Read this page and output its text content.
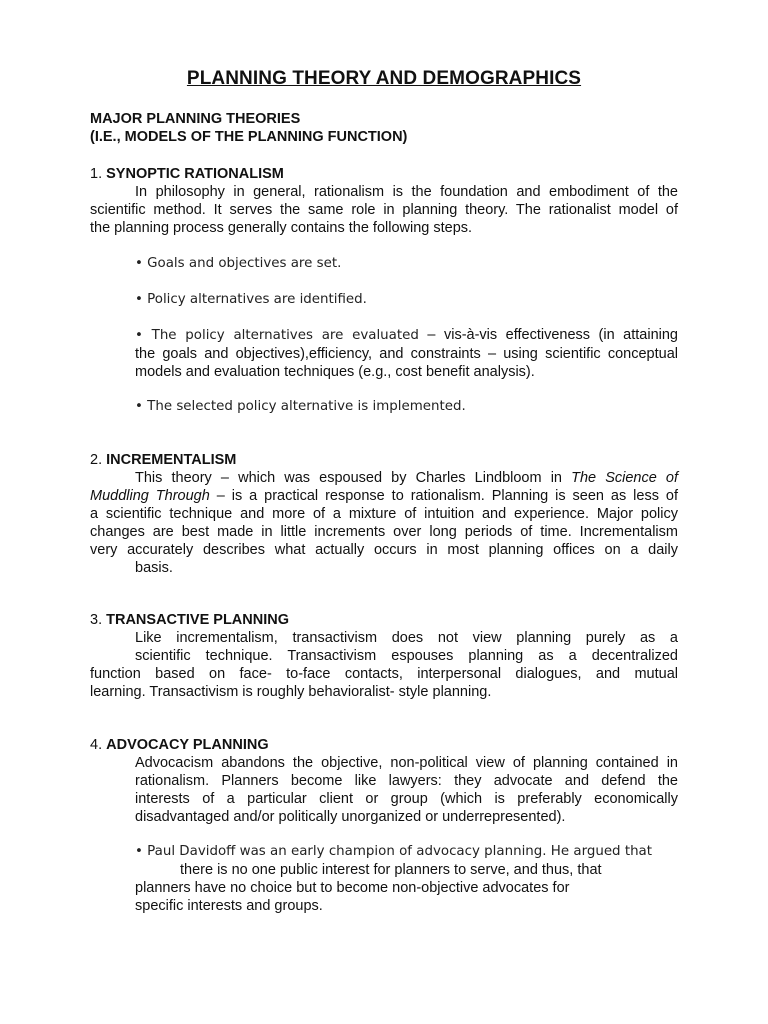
PLANNING THEORY AND DEMOGRAPHICS
MAJOR PLANNING THEORIES
(I.E., MODELS OF THE PLANNING FUNCTION)
1. SYNOPTIC RATIONALISM
In philosophy in general, rationalism is the foundation and embodiment of the
scientific method. It serves the same role in planning theory. The rationalist model of
the planning process generally contains the following steps.
• Goals and objectives are set.
• Policy alternatives are identified.
• The policy alternatives are evaluated – vis-à-vis effectiveness (in attaining
the goals and objectives),efficiency, and constraints – using scientific conceptual
models and evaluation techniques (e.g., cost benefit analysis).
• The selected policy alternative is implemented.
2. INCREMENTALISM
This theory – which was espoused by Charles Lindbloom in The Science of
Muddling Through – is a practical response to rationalism. Planning is seen as less of
a scientific technique and more of a mixture of intuition and experience. Major policy
changes are best made in little increments over long periods of time. Incrementalism
very accurately describes what actually occurs in most planning offices on a daily
basis.
3. TRANSACTIVE PLANNING
Like incrementalism, transactivism does not view planning purely as a
scientific technique. Transactivism espouses planning as a decentralized
function based on face- to-face contacts, interpersonal dialogues, and mutual
learning. Transactivism is roughly behavioralist- style planning.
4. ADVOCACY PLANNING
Advocacism abandons the objective, non-political view of planning contained in
rationalism. Planners become like lawyers: they advocate and defend the
interests of a particular client or group (which is preferably economically
disadvantaged and/or politically unorganized or underrepresented).
• Paul Davidoff was an early champion of advocacy planning. He argued that
there is no one public interest for planners to serve, and thus, that
planners have no choice but to become non-objective advocates for
specific interests and groups.
